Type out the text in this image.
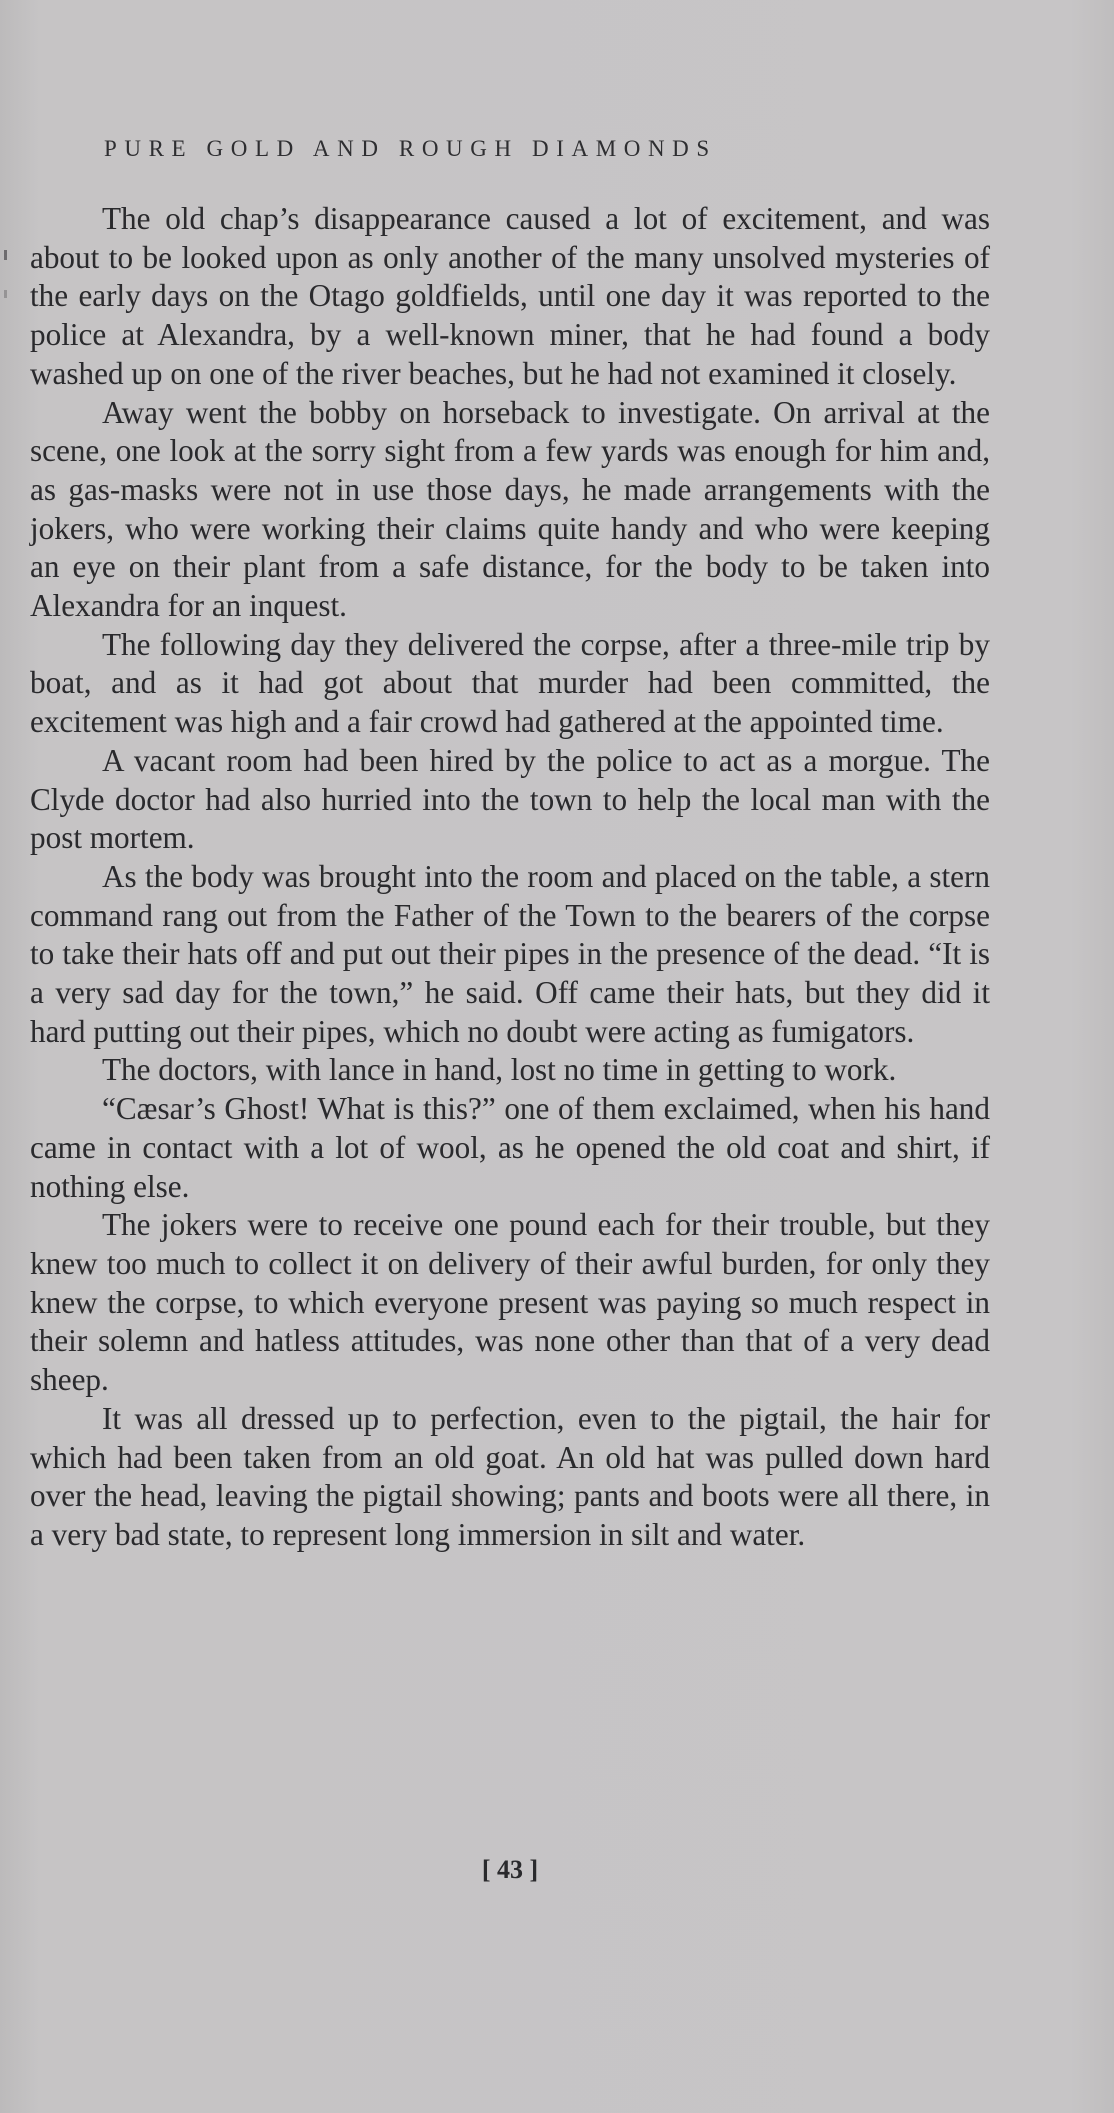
PURE GOLD AND ROUGH DIAMONDS

The old chap’s disappearance caused a lot of excitement, and was about to be looked upon as only another of the many unsolved mysteries of the early days on the Otago goldfields, until one day it was reported to the police at Alexandra, by a well-known miner, that he had found a body washed up on one of the river beaches, but he had not examined it closely.

Away went the bobby on horseback to investigate. On arrival at the scene, one look at the sorry sight from a few yards was enough for him and, as gas-masks were not in use those days, he made arrangements with the jokers, who were working their claims quite handy and who were keeping an eye on their plant from a safe distance, for the body to be taken into Alexandra for an inquest.

The following day they delivered the corpse, after a three-mile trip by boat, and as it had got about that murder had been committed, the excitement was high and a fair crowd had gathered at the appointed time.

A vacant room had been hired by the police to act as a morgue. The Clyde doctor had also hurried into the town to help the local man with the post mortem.

As the body was brought into the room and placed on the table, a stern command rang out from the Father of the Town to the bearers of the corpse to take their hats off and put out their pipes in the presence of the dead. “It is a very sad day for the town,” he said. Off came their hats, but they did it hard putting out their pipes, which no doubt were acting as fumigators.

The doctors, with lance in hand, lost no time in getting to work.

“Cæsar’s Ghost! What is this?” one of them exclaimed, when his hand came in contact with a lot of wool, as he opened the old coat and shirt, if nothing else.

The jokers were to receive one pound each for their trouble, but they knew too much to collect it on delivery of their awful burden, for only they knew the corpse, to which everyone present was paying so much respect in their solemn and hatless attitudes, was none other than that of a very dead sheep.

It was all dressed up to perfection, even to the pigtail, the hair for which had been taken from an old goat. An old hat was pulled down hard over the head, leaving the pigtail showing; pants and boots were all there, in a very bad state, to represent long immersion in silt and water.

[ 43 ]
